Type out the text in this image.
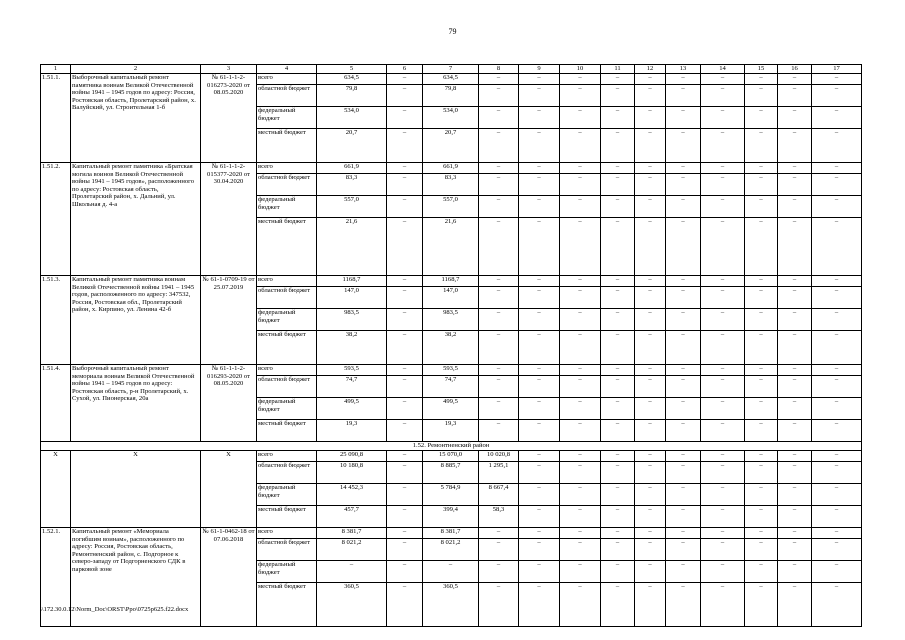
79
1	2	3	4	5	6	7	8	9	10	11	12	13	14	15	16	17
1.51.1.	Выборочный капитальный ремонт памятника воинам Великой Отечественной войны 1941 – 1945 годов по адресу: Россия, Ростовская область, Пролетарский район, х. Валуйский, ул. Строительная 1-б	№ 61-1-1-2-016273-2020 от 08.05.2020	всего	634,5	–	634,5	–	–	–	–	–	–	–	–	–	–
			областной бюджет	79,8	–	79,8	–	–	–	–	–	–	–	–	–	–
			федеральный бюджет	534,0	–	534,0	–	–	–	–	–	–	–	–	–	–
			местный бюджет	20,7	–	20,7	–	–	–	–	–	–	–	–	–	–
1.51.2.	Капитальный ремонт памятника «Братская могила воинов Великой Отечественной войны 1941 – 1945 годов», расположенного по адресу: Ростовская область, Пролетарский район, х. Дальний, ул. Школьная д. 4-а	№ 61-1-1-2-015377-2020 от 30.04.2020	всего	661,9	–	661,9	–	–	–	–	–	–	–	–	–	–
			областной бюджет	83,3	–	83,3	–	–	–	–	–	–	–	–	–	–
			федеральный бюджет	557,0	–	557,0	–	–	–	–	–	–	–	–	–	–
			местный бюджет	21,6	–	21,6	–	–	–	–	–	–	–	–	–	–
1.51.3.	Капитальный ремонт памятника воинам Великой Отечественной войны 1941 – 1945 годов, расположенного по адресу: 347532, Россия, Ростовская обл., Пролетарский район, х. Кирпино, ул. Ленина 42-б	№ 61-1-0709-19 от 25.07.2019	всего	1168,7	–	1168,7	–	–	–	–	–	–	–	–	–	–
			областной бюджет	147,0	–	147,0	–	–	–	–	–	–	–	–	–	–
			федеральный бюджет	983,5	–	983,5	–	–	–	–	–	–	–	–	–	–
			местный бюджет	38,2	–	38,2	–	–	–	–	–	–	–	–	–	–
1.51.4.	Выборочный капитальный ремонт мемориала воинам Великой Отечественной войны 1941 – 1945 годов по адресу: Ростовская область, р-н Пролетарский, х. Сухой, ул. Пионерская, 20а	№ 61-1-1-2-016293-2020 от 08.05.2020	всего	593,5	–	593,5	–	–	–	–	–	–	–	–	–	–
			областной бюджет	74,7	–	74,7	–	–	–	–	–	–	–	–	–	–
			федеральный бюджет	499,5	–	499,5	–	–	–	–	–	–	–	–	–	–
			местный бюджет	19,3	–	19,3	–	–	–	–	–	–	–	–	–	–
1.52. Ремонтненский район																
X	X	X	всего	25 090,8	–	15 070,0	10 020,8	–	–	–	–	–	–	–	–	–
			областной бюджет	10 180,8	–	8 885,7	1 295,1	–	–	–	–	–	–	–	–	–
			федеральный бюджет	14 452,3	–	5 784,9	8 667,4	–	–	–	–	–	–	–	–	–
			местный бюджет	457,7	–	399,4	58,3	–	–	–	–	–	–	–	–	–
1.52.1.	Капитальный ремонт «Мемориала погибшим воинам», расположенного по адресу: Россия, Ростовская область, Ремонтненский район, с. Подгорное к северо-западу от Подгорненского СДК в парковой зоне	№ 61-1-0462-18 от 07.06.2018	всего	8 381,7	–	8 381,7	–	–	–	–	–	–	–	–	–	–
			областной бюджет	8 021,2	–	8 021,2	–	–	–	–	–	–	–	–	–	–
			федеральный бюджет	–	–	–	–	–	–	–	–	–	–	–	–	–
			местный бюджет	360,5	–	360,5	–	–	–	–	–	–	–	–	–	–
\\172.30.0.12\Norm_Doc\ORST\Ppo\0725p625.f22.docx
